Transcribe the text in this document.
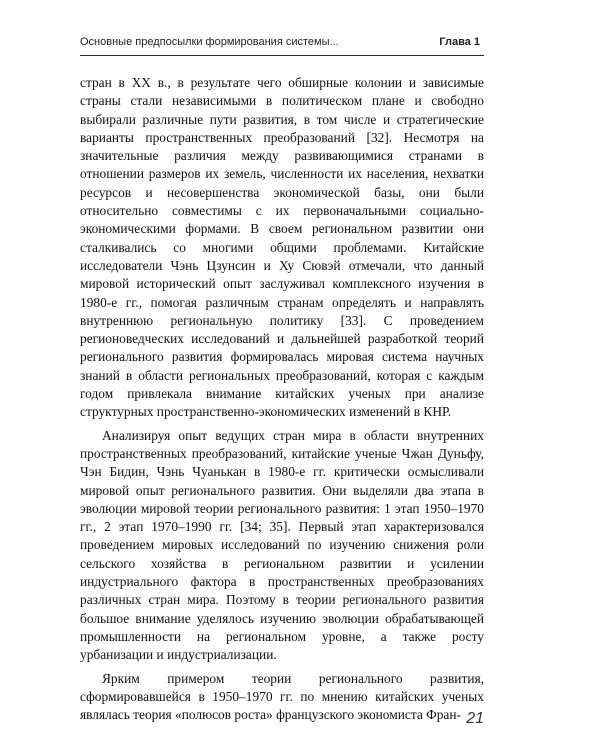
Основные предпосылки формирования системы...	Глава 1

стран в XX в., в результате чего обширные колонии и зависимые страны стали независимыми в политическом плане и свободно выбирали различные пути развития, в том числе и стратегические варианты пространственных преобразований [32]. Несмотря на значительные различия между развивающимися странами в отношении размеров их земель, численности их населения, нехватки ресурсов и несовершенства экономической базы, они были относительно совместимы с их первоначальными социально-экономическими формами. В своем региональном развитии они сталкивались со многими общими проблемами. Китайские исследователи Чэнь Цзунсин и Ху Сювэй отмечали, что данный мировой исторический опыт заслуживал комплексного изучения в 1980-е гг., помогая различным странам определять и направлять внутреннюю региональную политику [33]. С проведением регионоведческих исследований и дальнейшей разработкой теорий регионального развития формировалась мировая система научных знаний в области региональных преобразований, которая с каждым годом привлекала внимание китайских ученых при анализе структурных пространственно-экономических изменений в КНР.

Анализируя опыт ведущих стран мира в области внутренних пространственных преобразований, китайские ученые Чжан Дуньфу, Чэн Бидин, Чэнь Чуанькан в 1980-е гг. критически осмысливали мировой опыт регионального развития. Они выделяли два этапа в эволюции мировой теории регионального развития: 1 этап 1950–1970 гг., 2 этап 1970–1990 гг. [34; 35]. Первый этап характеризовался проведением мировых исследований по изучению снижения роли сельского хозяйства в региональном развитии и усилении индустриального фактора в пространственных преобразованиях различных стран мира. Поэтому в теории регионального развития большое внимание уделялось изучению эволюции обрабатывающей промышленности на региональном уровне, а также росту урбанизации и индустриализации.

Ярким примером теории регионального развития, сформировавшейся в 1950–1970 гг. по мнению китайских ученых являлась теория «полюсов роста» французского экономиста Фран- 21
